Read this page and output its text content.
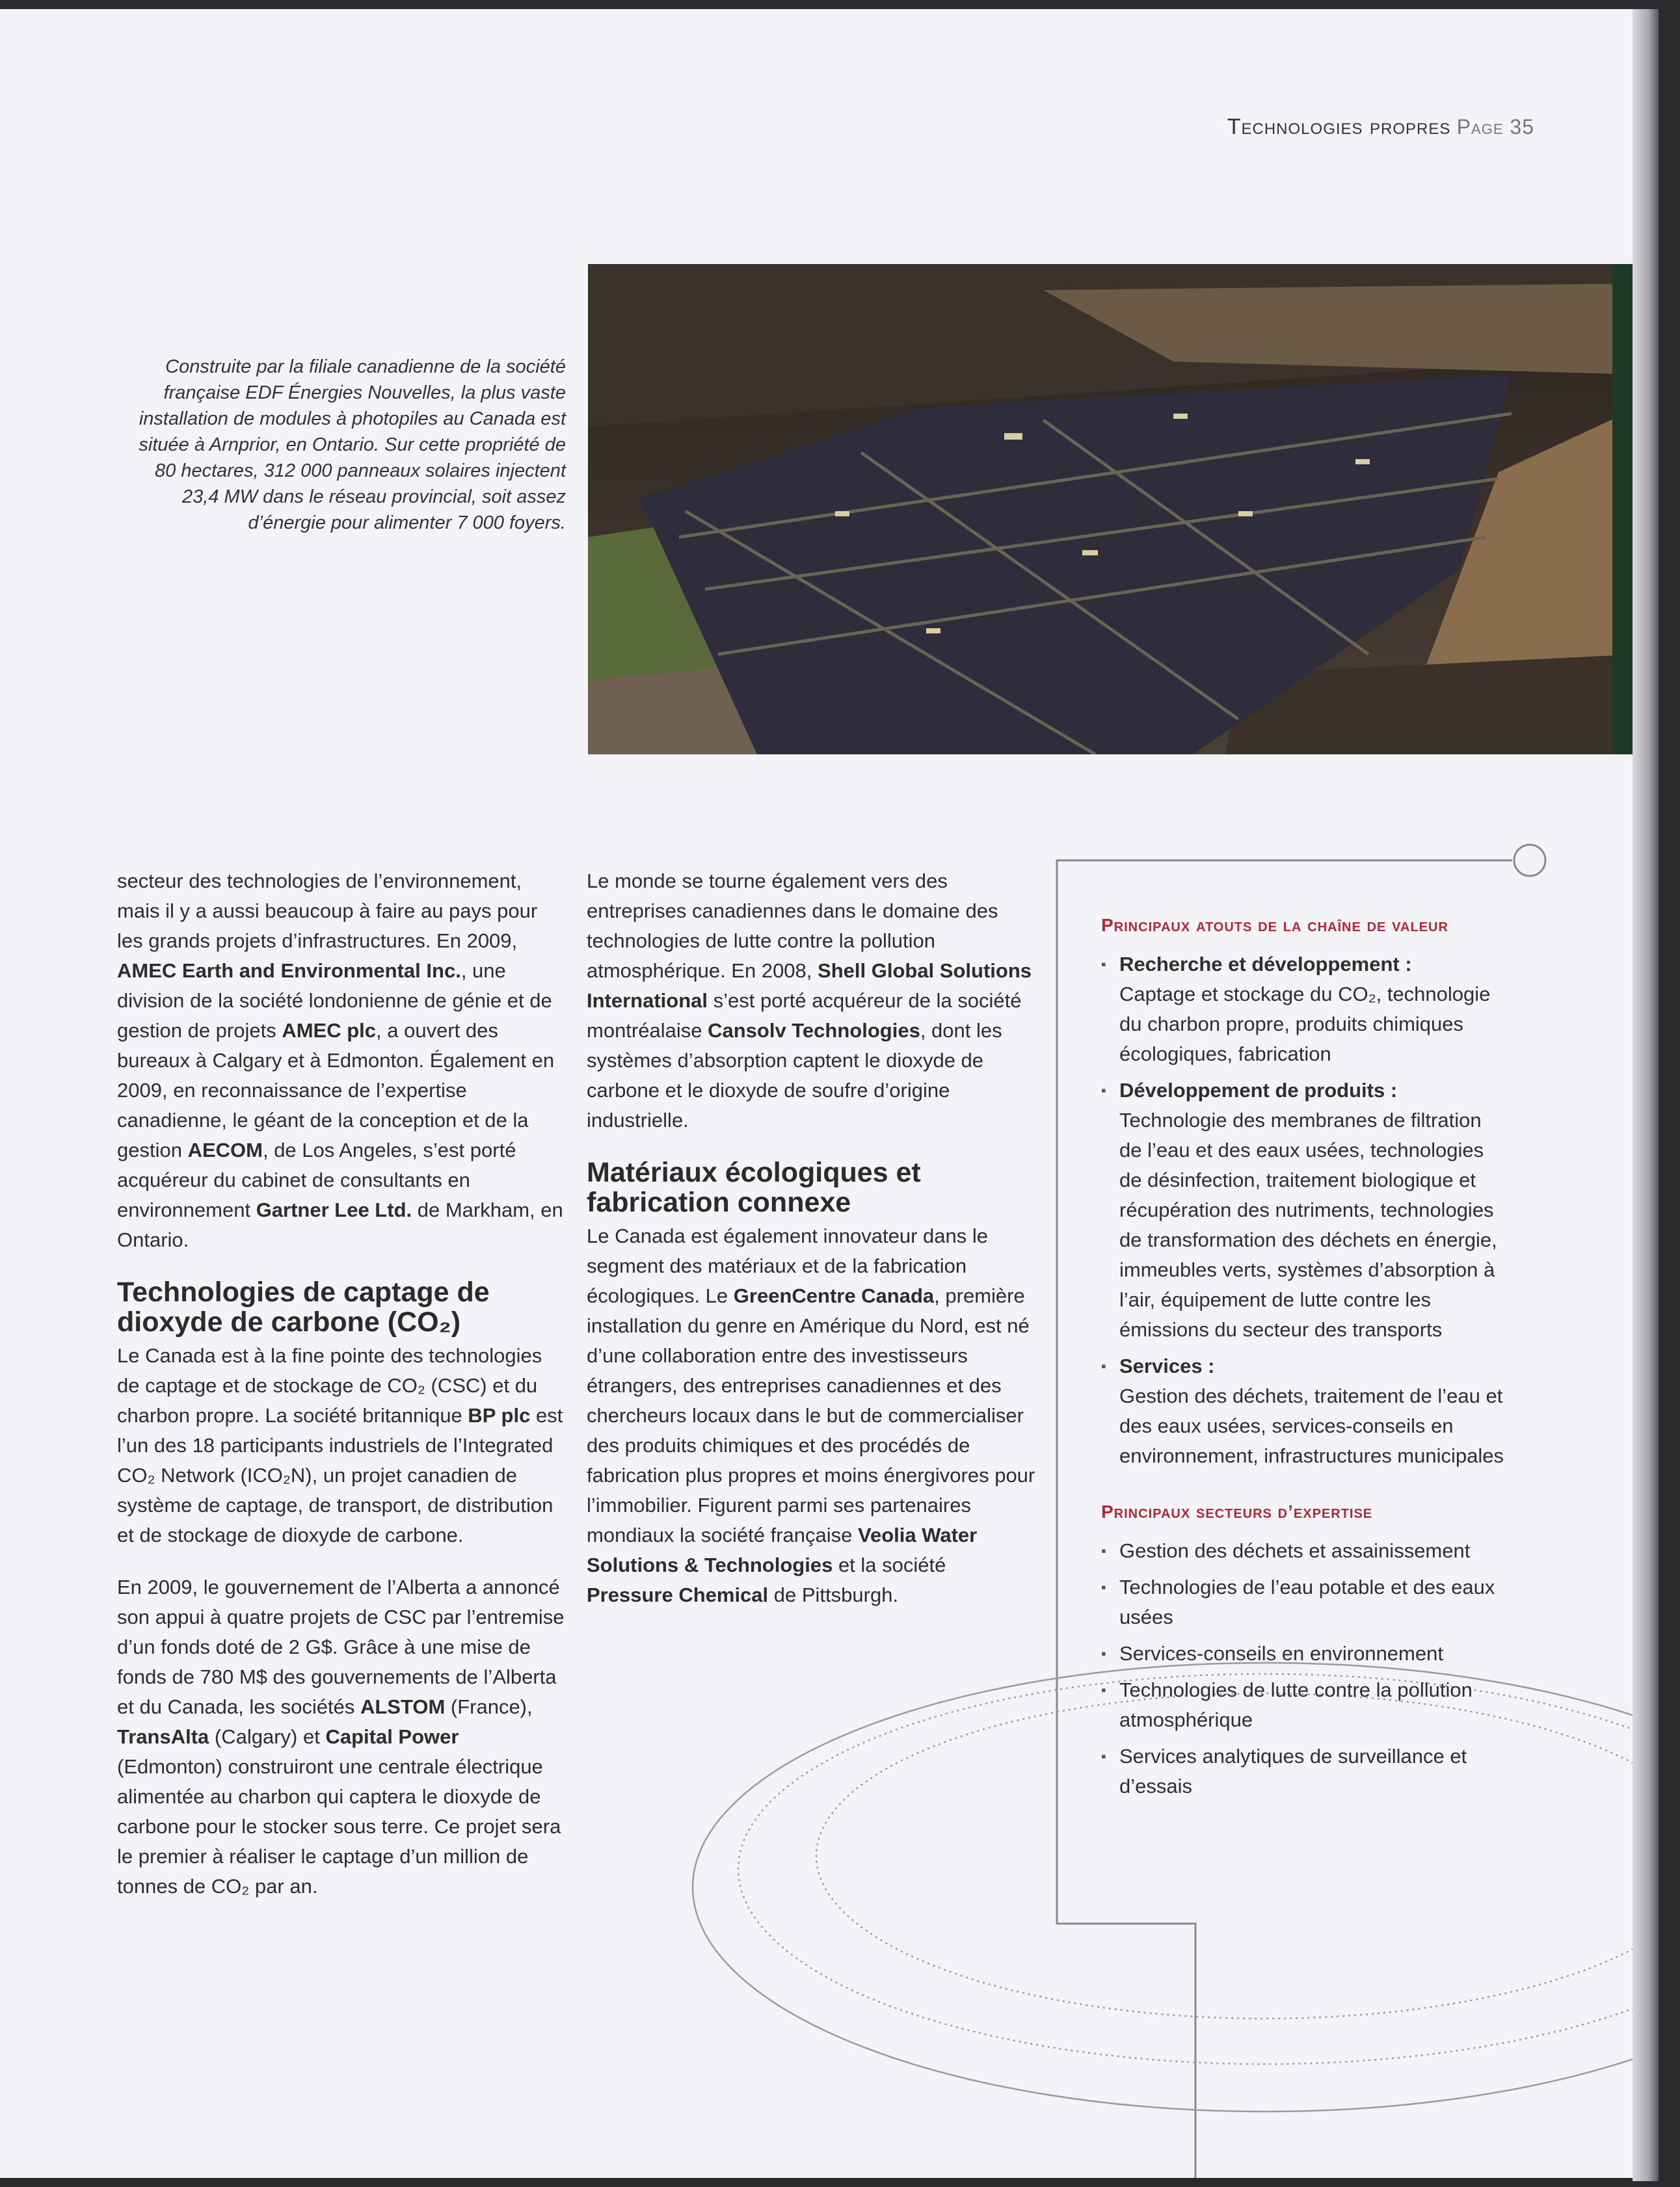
Technologies propres Page 35
Construite par la filiale canadienne de la société française EDF Énergies Nouvelles, la plus vaste installation de modules à photopiles au Canada est située à Arnprior, en Ontario. Sur cette propriété de 80 hectares, 312 000 panneaux solaires injectent 23,4 MW dans le réseau provincial, soit assez d’énergie pour alimenter 7 000 foyers.

secteur des technologies de l’environnement, mais il y a aussi beaucoup à faire au pays pour les grands projets d’infrastructures. En 2009, AMEC Earth and Environmental Inc., une division de la société londonienne de génie et de gestion de projets AMEC plc, a ouvert des bureaux à Calgary et à Edmonton. Également en 2009, en reconnaissance de l’expertise canadienne, le géant de la conception et de la gestion AECOM, de Los Angeles, s’est porté acquéreur du cabinet de consultants en environnement Gartner Lee Ltd. de Markham, en Ontario.

Technologies de captage de dioxyde de carbone (CO₂)

Le Canada est à la fine pointe des technologies de captage et de stockage de CO₂ (CSC) et du charbon propre. La société britannique BP plc est l’un des 18 participants industriels de l’Integrated CO₂ Network (ICO₂N), un projet canadien de système de captage, de transport, de distribution et de stockage de dioxyde de carbone.

En 2009, le gouvernement de l’Alberta a annoncé son appui à quatre projets de CSC par l’entremise d’un fonds doté de 2 G$. Grâce à une mise de fonds de 780 M$ des gouvernements de l’Alberta et du Canada, les sociétés ALSTOM (France), TransAlta (Calgary) et Capital Power (Edmonton) construiront une centrale électrique alimentée au charbon qui captera le dioxyde de carbone pour le stocker sous terre. Ce projet sera le premier à réaliser le captage d’un million de tonnes de CO₂ par an.

Le monde se tourne également vers des entreprises canadiennes dans le domaine des technologies de lutte contre la pollution atmosphérique. En 2008, Shell Global Solutions International s’est porté acquéreur de la société montréalaise Cansolv Technologies, dont les systèmes d’absorption captent le dioxyde de carbone et le dioxyde de soufre d’origine industrielle.

Matériaux écologiques et fabrication connexe

Le Canada est également innovateur dans le segment des matériaux et de la fabrication écologiques. Le GreenCentre Canada, première installation du genre en Amérique du Nord, est né d’une collaboration entre des investisseurs étrangers, des entreprises canadiennes et des chercheurs locaux dans le but de commercialiser des produits chimiques et des procédés de fabrication plus propres et moins énergivores pour l’immobilier. Figurent parmi ses partenaires mondiaux la société française Veolia Water Solutions & Technologies et la société Pressure Chemical de Pittsburgh.

Principaux atouts de la chaîne de valeur
▪ Recherche et développement :
Captage et stockage du CO₂, technologie du charbon propre, produits chimiques écologiques, fabrication
▪ Développement de produits :
Technologie des membranes de filtration de l’eau et des eaux usées, technologies de désinfection, traitement biologique et récupération des nutriments, technologies de transformation des déchets en énergie, immeubles verts, systèmes d’absorption à l’air, équipement de lutte contre les émissions du secteur des transports
▪ Services :
Gestion des déchets, traitement de l’eau et des eaux usées, services-conseils en environnement, infrastructures municipales
Principaux secteurs d’expertise
▪ Gestion des déchets et assainissement
▪ Technologies de l’eau potable et des eaux usées
▪ Services-conseils en environnement
▪ Technologies de lutte contre la pollution atmosphérique
▪ Services analytiques de surveillance et d’essais
